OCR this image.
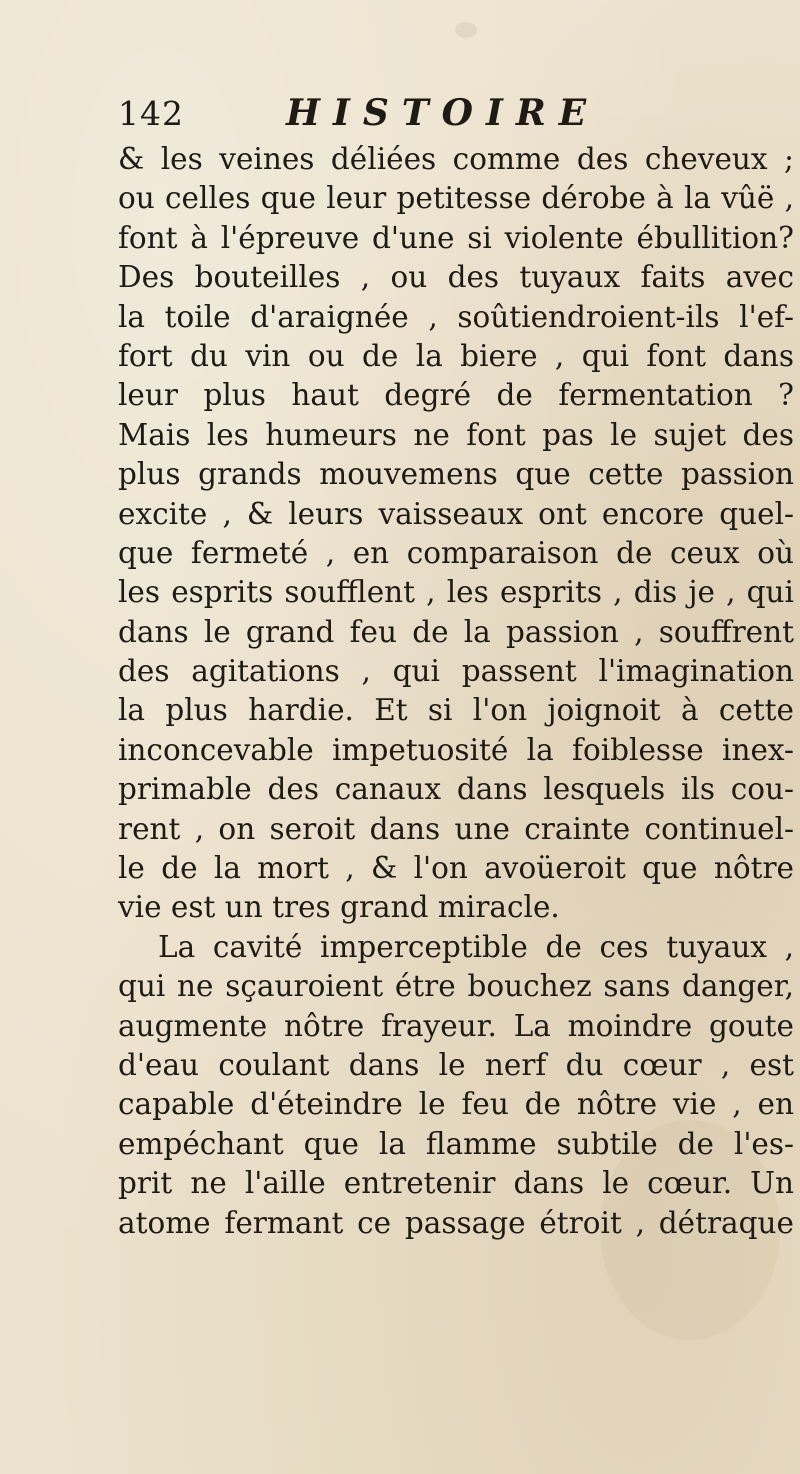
142	HISTOIRE
& les veines déliées comme des cheveux ;
ou celles que leur petitesse dérobe à la vûë ,
font à l'épreuve d'une si violente ébullition?
Des bouteilles , ou des tuyaux faits avec
la toile d'araignée , soûtiendroient-ils l'ef-
fort du vin ou de la biere , qui font dans
leur plus haut degré de fermentation ?
Mais les humeurs ne font pas le sujet des
plus grands mouvemens que cette passion
excite , & leurs vaisseaux ont encore quel-
que fermeté , en comparaison de ceux où
les esprits soufflent , les esprits , dis je , qui
dans le grand feu de la passion , souffrent
des agitations , qui passent l'imagination
la plus hardie. Et si l'on joignoit à cette
inconcevable impetuosité la foiblesse inex-
primable des canaux dans lesquels ils cou-
rent , on seroit dans une crainte continuel-
le de la mort , & l'on avoüeroit que nôtre
vie est un tres grand miracle.
La cavité imperceptible de ces tuyaux ,
qui ne sçauroient étre bouchez sans danger,
augmente nôtre frayeur. La moindre goute
d'eau coulant dans le nerf du cœur , est
capable d'éteindre le feu de nôtre vie , en
empéchant que la flamme subtile de l'es-
prit ne l'aille entretenir dans le cœur. Un
atome fermant ce passage étroit , détraque
